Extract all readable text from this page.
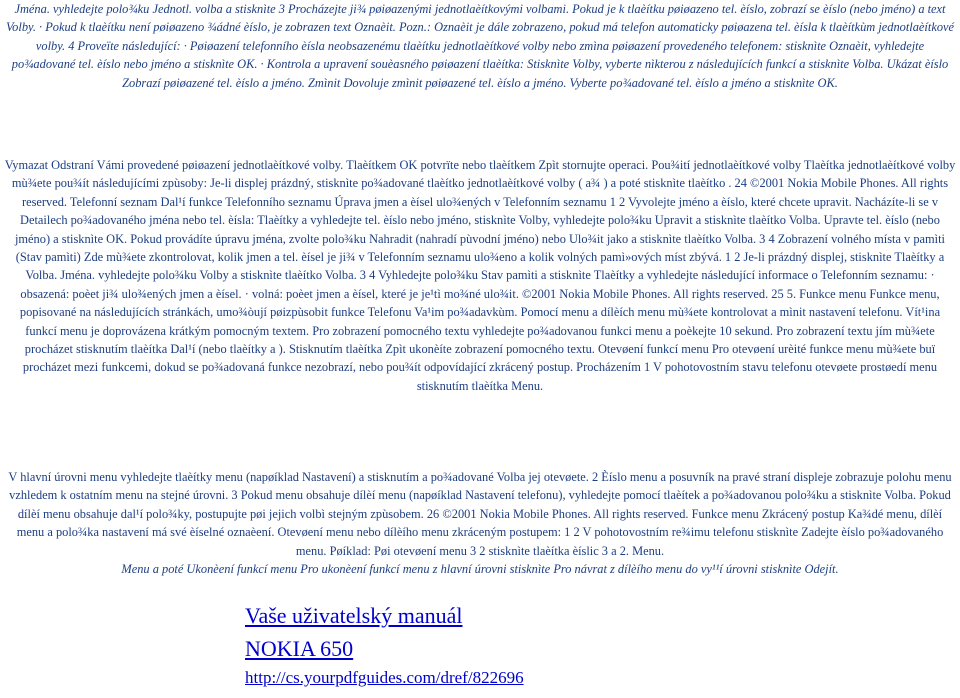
Jména. vyhledejte polo¾ku Jednotl. volba a stisknìte 3 Procházejte ji¾ pøiøazenými jednotlaèítkovými volbami. Pokud je k tlaèítku pøiøazeno tel. èíslo, zobrazí se èíslo (nebo jméno) a text Volby. · Pokud k tlaèítku není pøiøazeno ¾ádné èíslo, je zobrazen text Oznaèit. Pozn.: Oznaèit je dále zobrazeno, pokud má telefon automaticky pøiøazena tel. èísla k tlaèítkùm jednotlaèítkové volby. 4 Proveïte následující: · Pøiøazení telefonního èísla neobsazenému tlaèítku jednotlaèítkové volby nebo zmìna pøiøazení provedeného telefonem: stisknìte Oznaèit, vyhledejte po¾adované tel. èíslo nebo jméno a stisknìte OK. · Kontrola a upravení souèasného pøiøazení tlaèítka: Stisknìte Volby, vyberte nìkterou z následujících funkcí a stisknìte Volba. Ukázat èíslo Zobrazí pøiøazené tel. èíslo a jméno. Zmìnit Dovoluje zmìnit pøiøazené tel. èíslo a jméno. Vyberte po¾adované tel. èíslo a jméno a stisknìte OK.

Vymazat Odstraní Vámi provedené pøiøazení jednotlaèítkové volby. Tlaèítkem OK potvrïte nebo tlaèítkem Zpìt stornujte operaci. Pou¾ití jednotlaèítkové volby Tlaèítka jednotlaèítkové volby mù¾ete pou¾ít následujícími zpùsoby: Je-li displej prázdný, stisknìte po¾adované tlaèítko jednotlaèítkové volby ( a¾ ) a poté stisknìte tlaèítko . 24 ©2001 Nokia Mobile Phones. All rights reserved. Telefonní seznam Dal¹í funkce Telefonního seznamu Úprava jmen a èísel ulo¾ených v Telefonním seznamu 1 2 Vyvolejte jméno a èíslo, které chcete upravit. Nacházíte-li se v Detailech po¾adovaného jména nebo tel. èísla: Tlaèítky a vyhledejte tel. èíslo nebo jméno, stisknìte Volby, vyhledejte polo¾ku Upravit a stisknìte tlaèítko Volba. Upravte tel. èíslo (nebo jméno) a stisknìte OK. Pokud provádíte úpravu jména, zvolte polo¾ku Nahradit (nahradí pùvodní jméno) nebo Ulo¾it jako a stisknìte tlaèítko Volba. 3 4 Zobrazení volného místa v pamìti (Stav pamìti) Zde mù¾ete zkontrolovat, kolik jmen a tel. èísel je ji¾ v Telefonním seznamu ulo¾eno a kolik volných pamì»ových míst zbývá. 1 2 Je-li prázdný displej, stisknìte Tlaèítky a Volba. Jména. vyhledejte polo¾ku Volby a stisknìte tlaèítko Volba. 3 4 Vyhledejte polo¾ku Stav pamìti a stisknìte Tlaèítky a vyhledejte následující informace o Telefonním seznamu: · obsazená: poèet ji¾ ulo¾ených jmen a èísel. · volná: poèet jmen a èísel, které je je¹tì mo¾né ulo¾it. ©2001 Nokia Mobile Phones. All rights reserved. 25 5. Funkce menu Funkce menu, popisované na následujících stránkách, umo¾òují pøizpùsobit funkce Telefonu Va¹im po¾adavkùm. Pomocí menu a dílèích menu mù¾ete kontrolovat a mìnit nastavení telefonu. Vít¹ina funkcí menu je doprovázena krátkým pomocným textem. Pro zobrazení pomocného textu vyhledejte po¾adovanou funkci menu a poèkejte 10 sekund. Pro zobrazení textu jím mù¾ete procházet stisknutím tlaèítka Dal¹í (nebo tlaèítky a ). Stisknutím tlaèítka Zpìt ukonèíte zobrazení pomocného textu. Otevøení funkcí menu Pro otevøení urèité funkce menu mù¾ete buï procházet mezi funkcemi, dokud se po¾adovaná funkce nezobrazí, nebo pou¾ít odpovídající zkrácený postup. Procházením 1 V pohotovostním stavu telefonu otevøete prostøedí menu stisknutím tlaèítka Menu.

V hlavní úrovni menu vyhledejte tlaèítky menu (napøíklad Nastavení) a stisknutím a po¾adované Volba jej otevøete. 2 Èíslo menu a posuvník na pravé straní displeje zobrazuje polohu menu vzhledem k ostatním menu na stejné úrovni. 3 Pokud menu obsahuje dílèí menu (napøíklad Nastavení telefonu), vyhledejte pomocí tlaèítek a po¾adovanou polo¾ku a stisknìte Volba. Pokud dílèí menu obsahuje dal¹í polo¾ky, postupujte pøi jejich volbì stejným zpùsobem. 26 ©2001 Nokia Mobile Phones. All rights reserved. Funkce menu Zkrácený postup Ka¾dé menu, dílèí menu a polo¾ka nastavení má své èíselné oznaèení. Otevøení menu nebo dílèího menu zkráceným postupem: 1 2 V pohotovostním re¾imu telefonu stisknìte Zadejte èíslo po¾adovaného menu. Pøíklad: Pøi otevøení menu 3 2 stisknìte tlaèítka èíslic 3 a 2. Menu.
Menu a poté Ukonèení funkcí menu Pro ukonèení funkcí menu z hlavní úrovni stisknìte Pro návrat z dílèího menu do vy¹¹í úrovni stisknìte Odejít.

Vaše uživatelský manuál
NOKIA 650
http://cs.yourpdfguides.com/dref/822696
